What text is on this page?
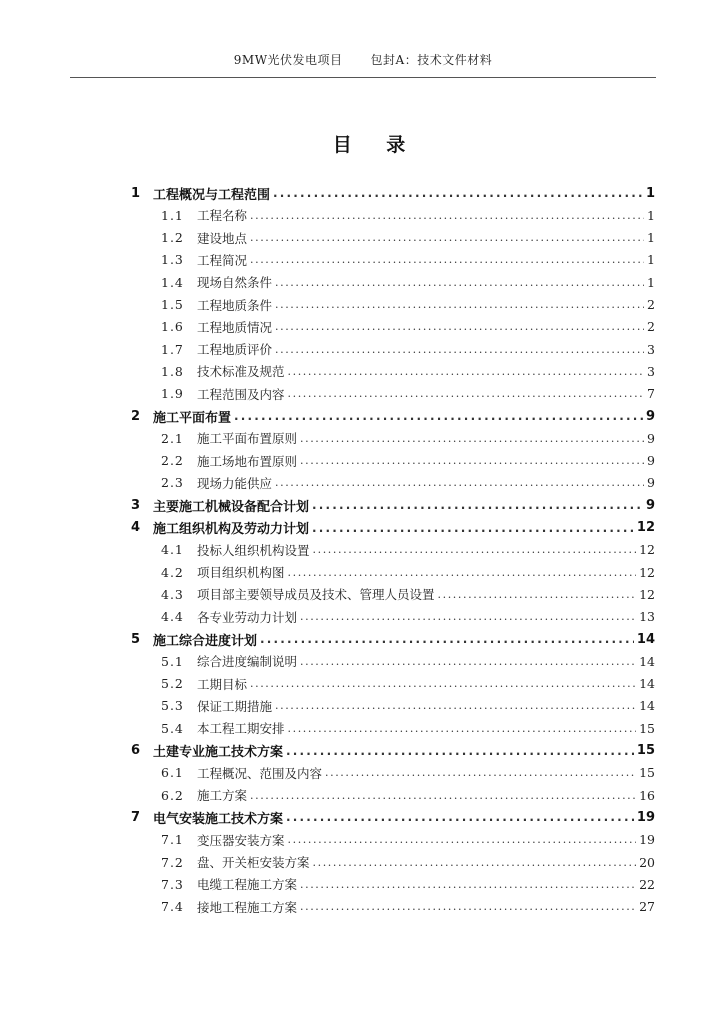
9MW光伏发电项目 包封A：技术文件材料
目 录
1 工程概况与工程范围 .....	1
1.1	工程名称 .....	1
1.2	建设地点 .....	1
1.3	工程简况 .....	1
1.4	现场自然条件 .....	1
1.5	工程地质条件 .....	2
1.6	工程地质情况 .....	2
1.7	工程地质评价 .....	3
1.8	技术标准及规范 .....	3
1.9	工程范围及内容 .....	7
2 施工平面布置 .....	9
2.1	施工平面布置原则 .....	9
2.2	施工场地布置原则 .....	9
2.3	现场力能供应 .....	9
3 主要施工机械设备配合计划 .....	9
4 施工组织机构及劳动力计划 .....	12
4.1	投标人组织机构设置 .....	12
4.2	项目组织机构图 .....	12
4.3	项目部主要领导成员及技术、管理人员设置 .....	12
4.4	各专业劳动力计划 .....	13
5 施工综合进度计划 .....	14
5.1	综合进度编制说明 .....	14
5.2	工期目标 .....	14
5.3	保证工期措施 .....	14
5.4	本工程工期安排 .....	15
6 土建专业施工技术方案 .....	15
6.1	工程概况、范围及内容 .....	15
6.2	施工方案 .....	16
7 电气安装施工技术方案 .....	19
7.1	变压器安装方案 .....	19
7.2	盘、开关柜安装方案 .....	20
7.3	电缆工程施工方案 .....	22
7.4	接地工程施工方案 .....	27
